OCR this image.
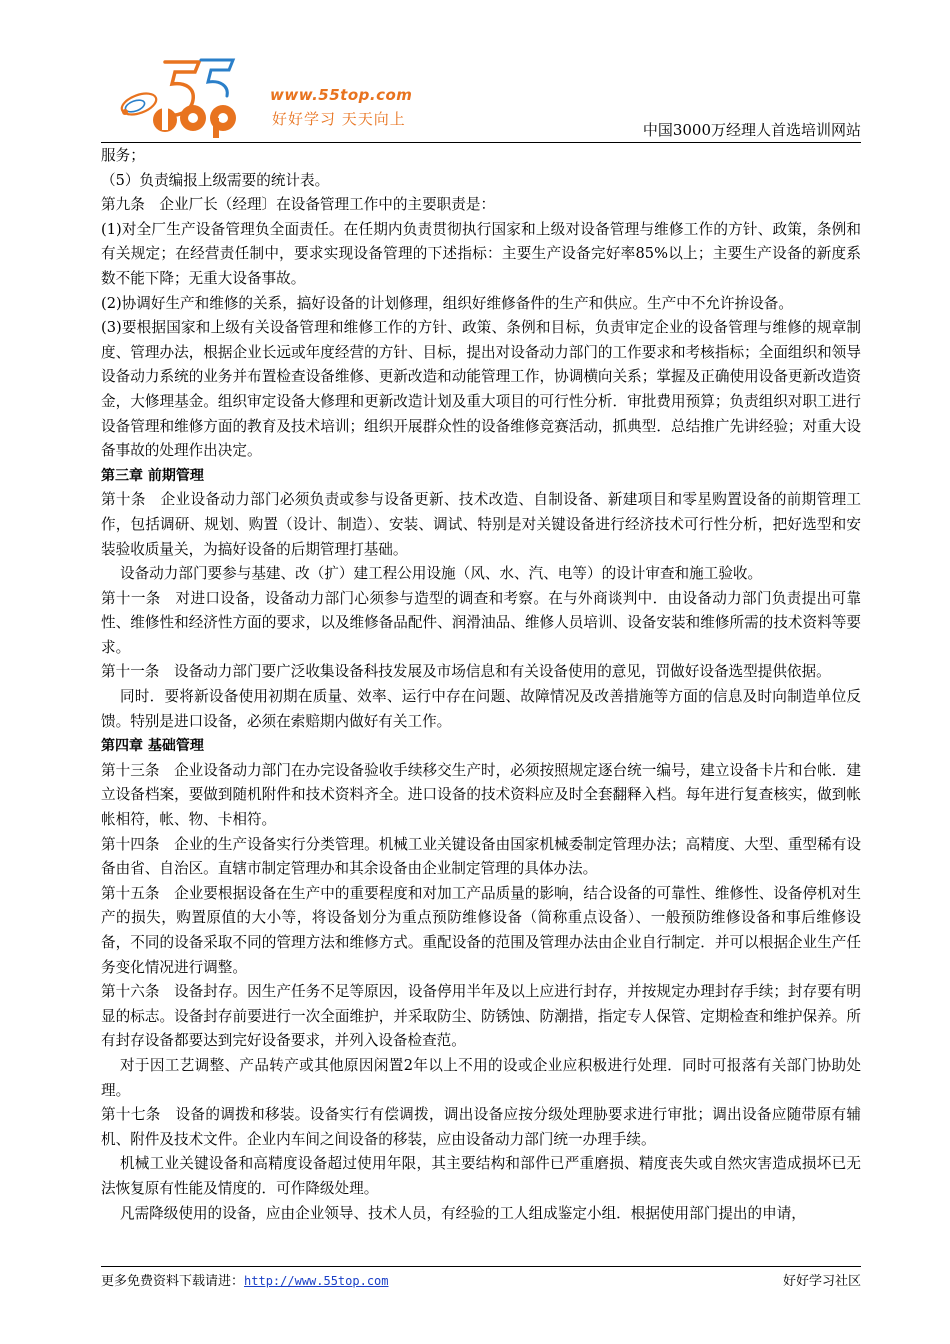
www.55top.com
好好学习 天天向上
中国3000万经理人首选培训网站

服务；

（5）负责编报上级需要的统计表。

第九条　企业厂长（经理〕在设备管理工作中的主要职责是：

(1)对全厂生产设备管理负全面责任。在任期内负责贯彻执行国家和上级对设备管理与维修工作的方针、政策，条例和有关规定；在经营责任制中，要求实现设备管理的下述指标：主要生产设备完好率85%以上；主要生产设备的新度系数不能下降；无重大设备事故。

(2)协调好生产和维修的关系，搞好设备的计划修理，组织好维修备件的生产和供应。生产中不允许拚设备。

(3)要根据国家和上级有关设备管理和维修工作的方针、政策、条例和目标，负责审定企业的设备管理与维修的规章制度、管理办法，根据企业长远或年度经营的方针、目标，提出对设备动力部门的工作要求和考核指标；全面组织和领导设备动力系统的业务并布置检查设备维修、更新改造和动能管理工作，协调横向关系；掌握及正确使用设备更新改造资金，大修理基金。组织审定设备大修理和更新改造计划及重大项目的可行性分析．审批费用预算；负责组织对职工进行设备管理和维修方面的教育及技术培训；组织开展群众性的设备维修竞赛活动，抓典型．总结推广先讲经验；对重大设备事故的处理作出决定。

第三章 前期管理

第十条　企业设备动力部门必须负责或参与设备更新、技术改造、自制设备、新建项目和零星购置设备的前期管理工作，包括调研、规划、购置（设计、制造）、安装、调试、特别是对关键设备进行经济技术可行性分析，把好选型和安装验收质量关，为搞好设备的后期管理打基础。

设备动力部门要参与基建、改（扩）建工程公用设施（风、水、汽、电等）的设计审查和施工验收。

第十一条　对进口设备，设备动力部门心须参与造型的调查和考察。在与外商谈判中．由设备动力部门负责提出可靠性、维修性和经济性方面的要求，以及维修备品配件、润滑油品、维修人员培训、设备安装和维修所需的技术资料等要求。

第十一条　设备动力部门要广泛收集设备科技发展及市场信息和有关设备使用的意见，罚做好设备选型提供依据。

同时．要将新设备使用初期在质量、效率、运行中存在问题、故障情况及改善措施等方面的信息及时向制造单位反馈。特别是进口设备，必须在索赔期内做好有关工作。

第四章 基础管理

第十三条　企业设备动力部门在办完设备验收手续移交生产时，必须按照规定逐台统一编号，建立设备卡片和台帐．建立设备档案，要做到随机附件和技术资料齐全。进口设备的技术资料应及时全套翻释入档。每年进行复查核实，做到帐帐相符，帐、物、卡相符。

第十四条　企业的生产设备实行分类管理。机械工业关键设备由国家机械委制定管理办法；高精度、大型、重型稀有设备由省、自治区。直辖市制定管理办和其余设备由企业制定管理的具体办法。

第十五条　企业要根据设备在生产中的重要程度和对加工产品质量的影响，结合设备的可靠性、维修性、设备停机对生产的损失，购置原值的大小等，将设备划分为重点预防维修设备（简称重点设备）、一般预防维修设备和事后维修设备，不同的设备采取不同的管理方法和维修方式。重配设备的范围及管理办法由企业自行制定．并可以根据企业生产任务变化情况进行调整。

第十六条　设备封存。因生产任务不足等原因，设备停用半年及以上应进行封存，并按规定办理封存手续；封存要有明显的标志。设备封存前要进行一次全面维护，并采取防尘、防锈蚀、防潮措，指定专人保管、定期检查和维护保养。所有封存设备都要达到完好设备要求，并列入设备检查范。

对于因工艺调整、产品转产或其他原因闲置2年以上不用的设或企业应积极进行处理．同时可报落有关部门协助处理。

第十七条　设备的调拨和移装。设备实行有偿调拨，调出设备应按分级处理胁要求进行审批；调出设备应随带原有辅机、附件及技术文件。企业内车间之间设备的移装，应由设备动力部门统一办理手续。

机械工业关键设备和高精度设备超过使用年限，其主要结构和部件已严重磨损、精度丧失或自然灾害造成损坏已无法恢复原有性能及情度的．可作降级处理。

凡需降级使用的设备，应由企业领导、技术人员，有经验的工人组成鉴定小组．根据使用部门提出的申请，

更多免费资料下载请进：http://www.55top.com	好好学习社区
